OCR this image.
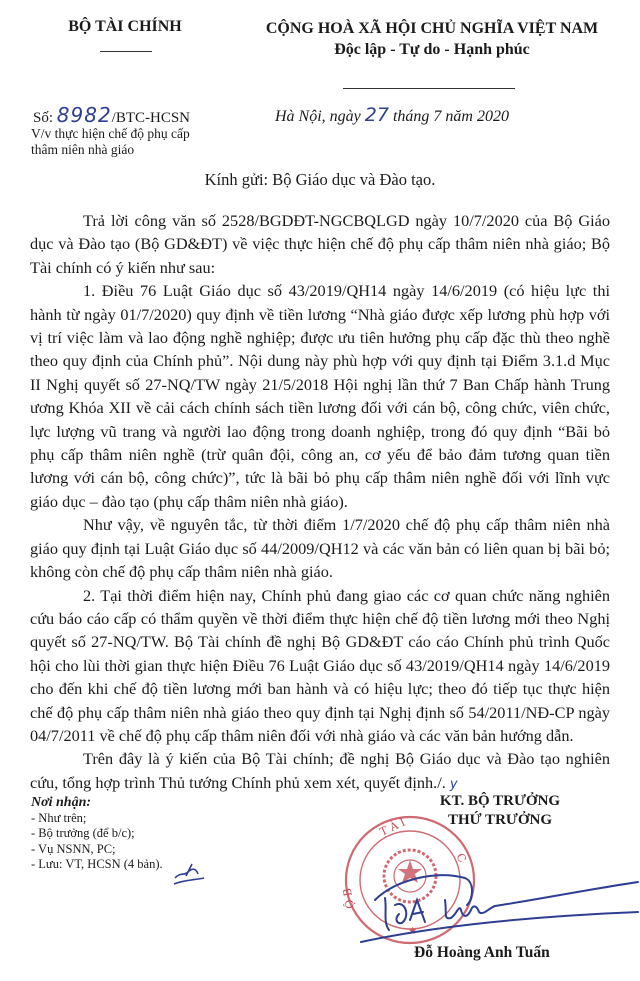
BỘ TÀI CHÍNH	CỘNG HOÀ XÃ HỘI CHỦ NGHĨA VIỆT NAM
Độc lập - Tự do - Hạnh phúc
Số: 8982/BTC-HCSN
V/v thực hiện chế độ phụ cấp
thâm niên nhà giáo
Hà Nội, ngày 27 tháng 7 năm 2020
Kính gửi: Bộ Giáo dục và Đào tạo.

Trả lời công văn số 2528/BGDĐT-NGCBQLGD ngày 10/7/2020 của Bộ Giáo dục và Đào tạo (Bộ GD&ĐT) về việc thực hiện chế độ phụ cấp thâm niên nhà giáo; Bộ Tài chính có ý kiến như sau:

1. Điều 76 Luật Giáo dục số 43/2019/QH14 ngày 14/6/2019 (có hiệu lực thi hành từ ngày 01/7/2020) quy định về tiền lương “Nhà giáo được xếp lương phù hợp với vị trí việc làm và lao động nghề nghiệp; được ưu tiên hưởng phụ cấp đặc thù theo nghề theo quy định của Chính phủ”. Nội dung này phù hợp với quy định tại Điểm 3.1.d Mục II Nghị quyết số 27-NQ/TW ngày 21/5/2018 Hội nghị lần thứ 7 Ban Chấp hành Trung ương Khóa XII về cải cách chính sách tiền lương đối với cán bộ, công chức, viên chức, lực lượng vũ trang và người lao động trong doanh nghiệp, trong đó quy định “Bãi bỏ phụ cấp thâm niên nghề (trừ quân đội, công an, cơ yếu để bảo đảm tương quan tiền lương với cán bộ, công chức)”, tức là bãi bỏ phụ cấp thâm niên nghề đối với lĩnh vực giáo dục – đào tạo (phụ cấp thâm niên nhà giáo).

Như vậy, về nguyên tắc, từ thời điểm 1/7/2020 chế độ phụ cấp thâm niên nhà giáo quy định tại Luật Giáo dục số 44/2009/QH12 và các văn bản có liên quan bị bãi bỏ; không còn chế độ phụ cấp thâm niên nhà giáo.

2. Tại thời điểm hiện nay, Chính phủ đang giao các cơ quan chức năng nghiên cứu báo cáo cấp có thẩm quyền về thời điểm thực hiện chế độ tiền lương mới theo Nghị quyết số 27-NQ/TW. Bộ Tài chính đề nghị Bộ GD&ĐT cáo cáo Chính phủ trình Quốc hội cho lùi thời gian thực hiện Điều 76 Luật Giáo dục số 43/2019/QH14 ngày 14/6/2019 cho đến khi chế độ tiền lương mới ban hành và có hiệu lực; theo đó tiếp tục thực hiện chế độ phụ cấp thâm niên nhà giáo theo quy định tại Nghị định số 54/2011/NĐ-CP ngày 04/7/2011 về chế độ phụ cấp thâm niên đối với nhà giáo và các văn bản hướng dẫn.

Trên đây là ý kiến của Bộ Tài chính; đề nghị Bộ Giáo dục và Đào tạo nghiên cứu, tổng hợp trình Thủ tướng Chính phủ xem xét, quyết định./. y

Nơi nhận:
- Như trên;
- Bộ trưởng (để b/c);
- Vụ NSNN, PC;
- Lưu: VT, HCSN (4 bản).
KT. BỘ TRƯỞNG
THỨ TRƯỞNG
T À I
C
Ộ B
★
Đỗ Hoàng Anh Tuấn
